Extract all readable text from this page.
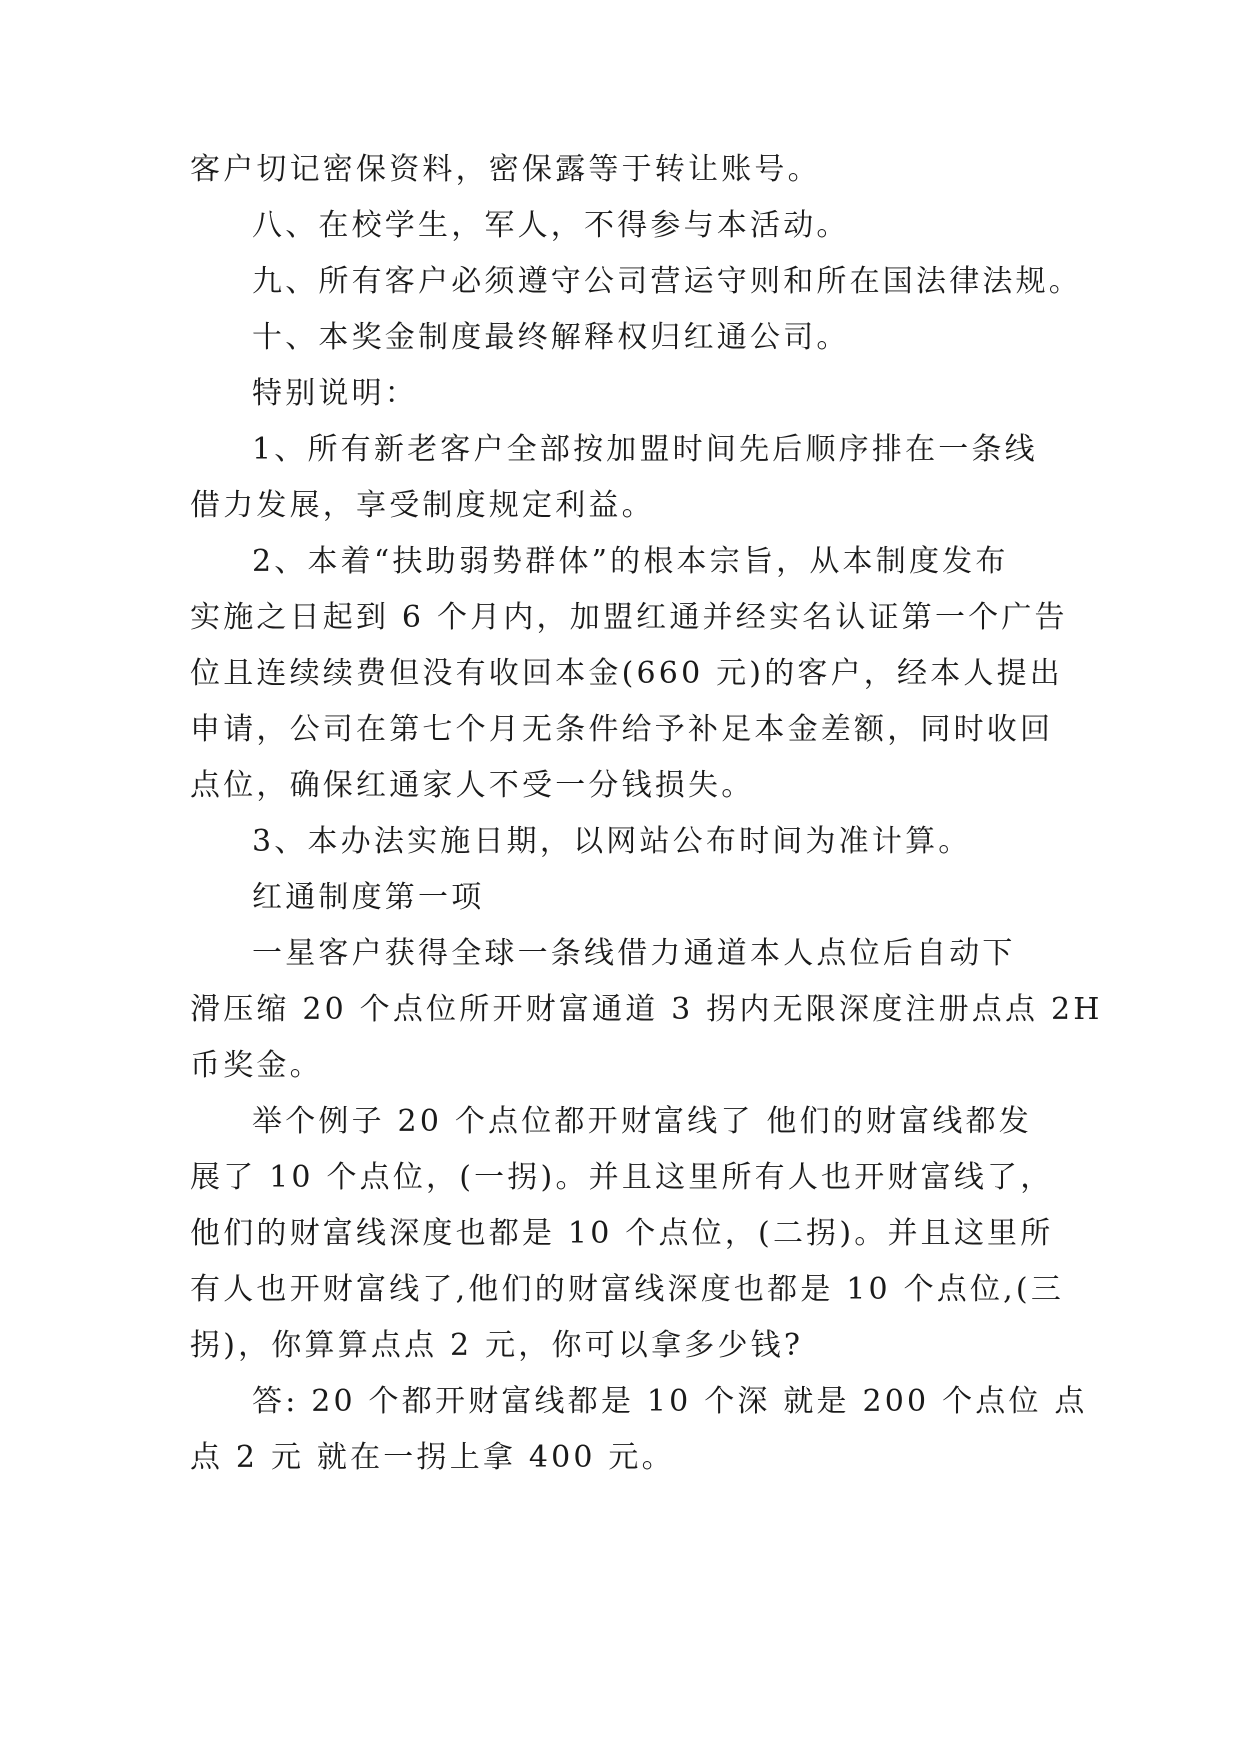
客户切记密保资料，密保露等于转让账号。
八、在校学生，军人，不得参与本活动。
九、所有客户必须遵守公司营运守则和所在国法律法规。
十、本奖金制度最终解释权归红通公司。
特别说明：
1、所有新老客户全部按加盟时间先后顺序排在一条线
借力发展，享受制度规定利益。
2、本着“扶助弱势群体”的根本宗旨，从本制度发布
实施之日起到 6 个月内，加盟红通并经实名认证第一个广告
位且连续续费但没有收回本金(660 元)的客户，经本人提出
申请，公司在第七个月无条件给予补足本金差额，同时收回
点位，确保红通家人不受一分钱损失。
3、本办法实施日期，以网站公布时间为准计算。
红通制度第一项
一星客户获得全球一条线借力通道本人点位后自动下
滑压缩 20 个点位所开财富通道 3 拐内无限深度注册点点 2H
币奖金。
举个例子 20 个点位都开财富线了 他们的财富线都发
展了 10 个点位，(一拐)。并且这里所有人也开财富线了，
他们的财富线深度也都是 10 个点位，(二拐)。并且这里所
有人也开财富线了,他们的财富线深度也都是 10 个点位,(三
拐)，你算算点点 2 元，你可以拿多少钱?
答: 20 个都开财富线都是 10 个深 就是 200 个点位 点
点 2 元 就在一拐上拿 400 元。
